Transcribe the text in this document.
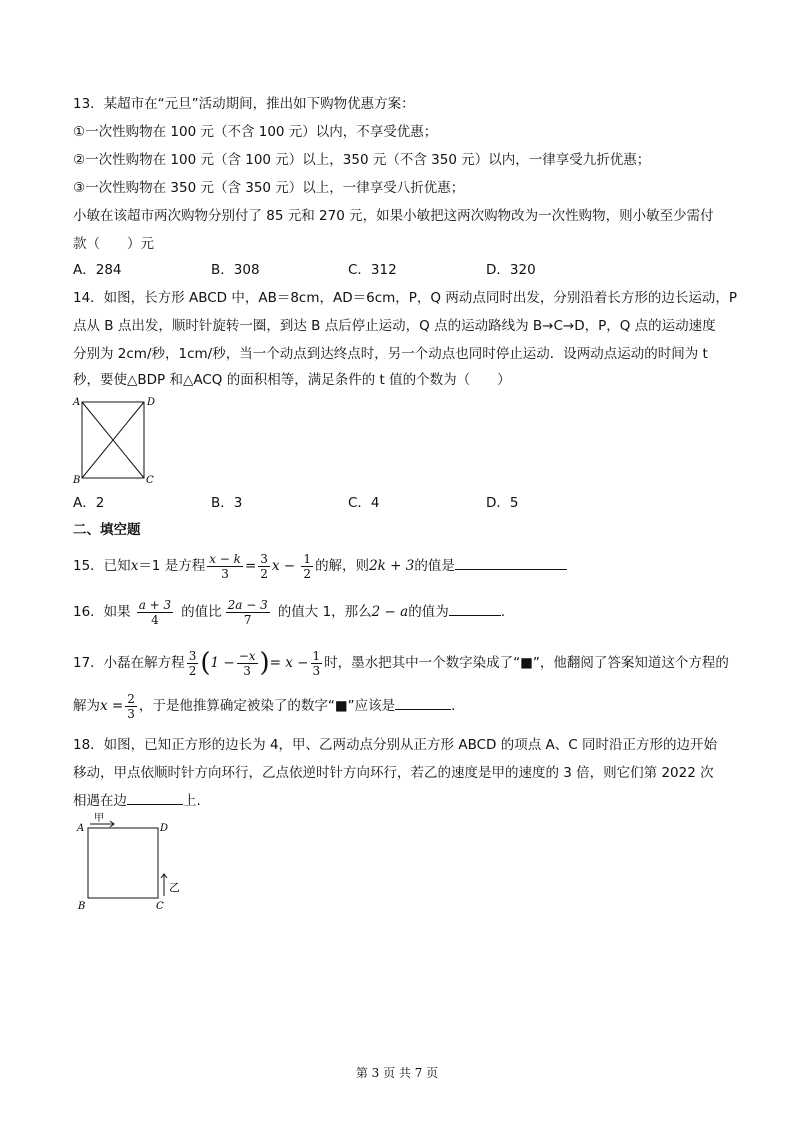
13．某超市在“元旦”活动期间，推出如下购物优惠方案：
①一次性购物在 100 元（不含 100 元）以内，不享受优惠；
②一次性购物在 100 元（含 100 元）以上，350 元（不含 350 元）以内，一律享受九折优惠；
③一次性购物在 350 元（含 350 元）以上，一律享受八折优惠；
小敏在该超市两次购物分别付了 85 元和 270 元，如果小敏把这两次购物改为一次性购物，则小敏至少需付
款（　　）元
A．284	B．308	C．312	D．320
14．如图，长方形 ABCD 中，AB＝8cm，AD＝6cm，P，Q 两动点同时出发，分别沿着长方形的边长运动，P
点从 B 点出发，顺时针旋转一圈，到达 B 点后停止运动，Q 点的运动路线为 B→C→D，P，Q 点的运动速度
分别为 2cm/秒，1cm/秒，当一个动点到达终点时，另一个动点也同时停止运动．设两动点运动的时间为 t
秒，要使△BDP 和△ACQ 的面积相等，满足条件的 t 值的个数为（　　）
A	D
B	C
A．2	B．3	C．4	D．5
二、填空题
15．已知x＝1 是方程 $\frac{x - k}{3} = \frac{3}{2}$ $x - \frac{1}{2}$ 的解，则2k + 3的值是
16．如果 $\frac{a + 3}{4}$ 的值比 $\frac{2a - 3}{7}$ 的值大 1，那么2 − a的值为	.
17．小磊在解方程 $\frac{3}{2} (1 - \frac{-x}{3}$ )= $x - \frac{1}{3}$ 时，墨水把其中一个数字染成了“■”，他翻阅了答案知道这个方程的
解为$x = \frac{2}{3}$ ，于是他推算确定被染了的数字“■”应该是	.
18．如图，已知正方形的边长为 4，甲、乙两动点分别从正方形 ABCD 的项点 A、C 同时沿正方形的边开始
移动，甲点依顺时针方向环行，乙点依逆时针方向环行，若乙的速度是甲的速度的 3 倍，则它们第 2022 次
相遇在边	上.
甲
乙
A	D
B	C
第 3 页 共 7 页
